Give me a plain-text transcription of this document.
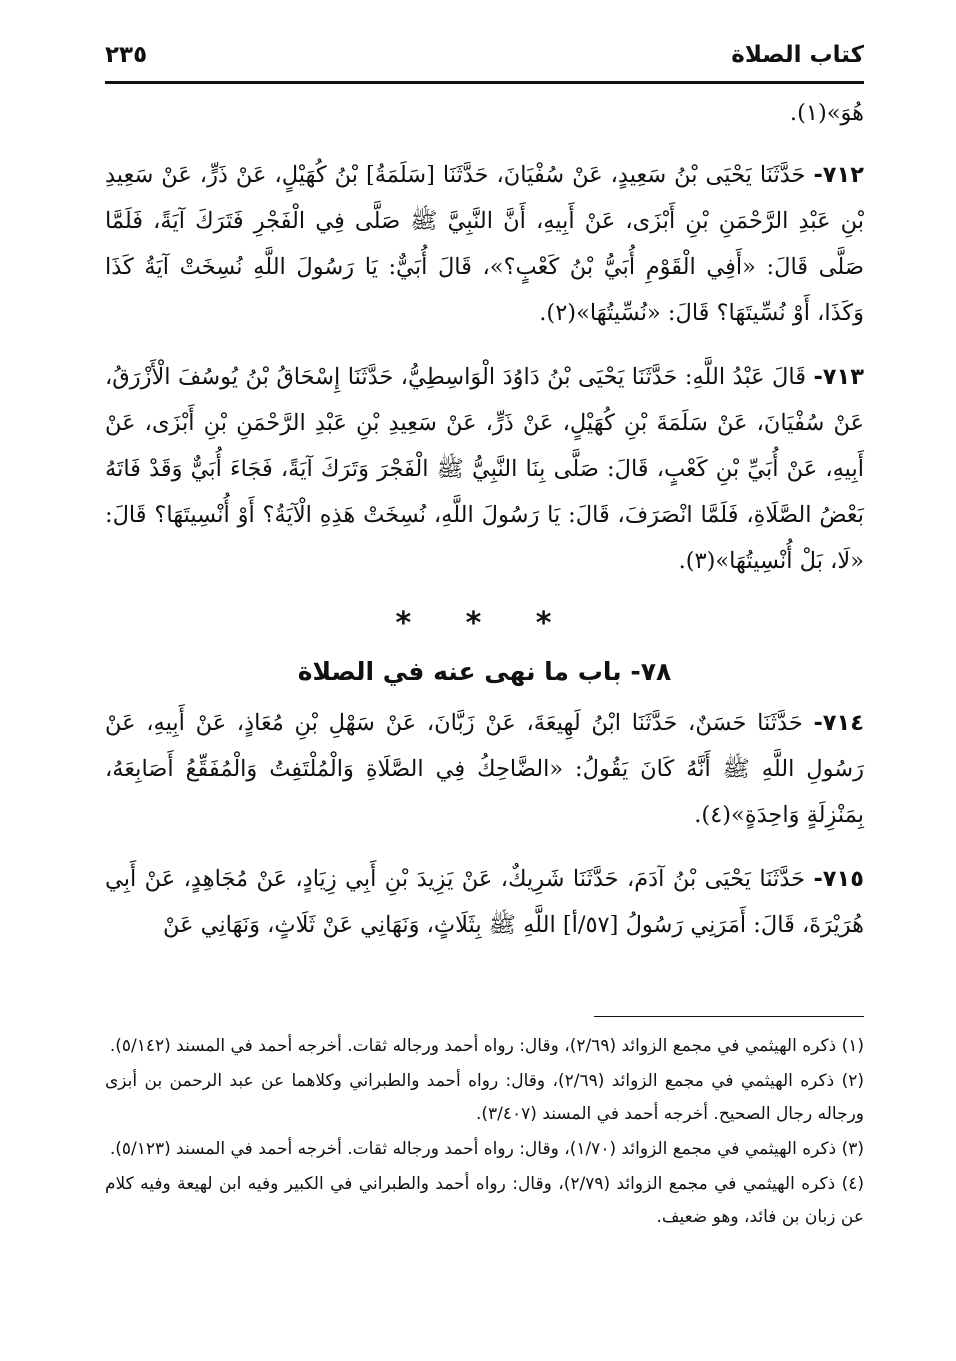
كتاب الصلاة
٢٣٥

هُوَ»(١).

٧١٢- حَدَّثَنَا يَحْيَى بْنُ سَعِيدٍ، عَنْ سُفْيَانَ، حَدَّثَنَا [سَلَمَةُ] بْنُ كُهَيْلٍ، عَنْ ذَرٍّ، عَنْ سَعِيدِ بْنِ عَبْدِ الرَّحْمَنِ بْنِ أَبْزَى، عَنْ أَبِيهِ، أَنَّ النَّبِيَّ ﷺ صَلَّى فِي الْفَجْرِ فَتَرَكَ آيَةً، فَلَمَّا صَلَّى قَالَ: «أَفِي الْقَوْمِ أُبَيُّ بْنُ كَعْبٍ؟»، قَالَ أُبَيٌّ: يَا رَسُولَ اللَّهِ نُسِخَتْ آيَةُ كَذَا وَكَذَا، أَوْ نُسِّيتَهَا؟ قَالَ: «نُسِّيتُهَا»(٢).

٧١٣- قَالَ عَبْدُ اللَّهِ: حَدَّثَنَا يَحْيَى بْنُ دَاوُدَ الْوَاسِطِيُّ، حَدَّثَنَا إِسْحَاقُ بْنُ يُوسُفَ الْأَزْرَقُ، عَنْ سُفْيَانَ، عَنْ سَلَمَةَ بْنِ كُهَيْلٍ، عَنْ ذَرٍّ، عَنْ سَعِيدِ بْنِ عَبْدِ الرَّحْمَنِ بْنِ أَبْزَى، عَنْ أَبِيهِ، عَنْ أُبَيِّ بْنِ كَعْبٍ، قَالَ: صَلَّى بِنَا النَّبِيُّ ﷺ الْفَجْرَ وَتَرَكَ آيَةً، فَجَاءَ أُبَيٌّ وَقَدْ فَاتَهُ بَعْضُ الصَّلَاةِ، فَلَمَّا انْصَرَفَ، قَالَ: يَا رَسُولَ اللَّهِ، نُسِخَتْ هَذِهِ الْآيَةُ؟ أَوْ أُنْسِيتَهَا؟ قَالَ: «لَا، بَلْ أُنْسِيتُهَا»(٣).

* * *
٧٨- باب ما نهى عنه في الصلاة

٧١٤- حَدَّثَنَا حَسَنٌ، حَدَّثَنَا ابْنُ لَهِيعَةَ، عَنْ زَبَّانَ، عَنْ سَهْلِ بْنِ مُعَاذٍ، عَنْ أَبِيهِ، عَنْ رَسُولِ اللَّهِ ﷺ أَنَّهُ كَانَ يَقُولُ: «الضَّاحِكُ فِي الصَّلَاةِ وَالْمُلْتَفِتُ وَالْمُفَقِّعُ أَصَابِعَهُ، بِمَنْزِلَةٍ وَاحِدَةٍ»(٤).

٧١٥- حَدَّثَنَا يَحْيَى بْنُ آدَمَ، حَدَّثَنَا شَرِيكٌ، عَنْ يَزِيدَ بْنِ أَبِي زِيَادٍ، عَنْ مُجَاهِدٍ، عَنْ أَبِي هُرَيْرَةَ، قَالَ: أَمَرَنِي رَسُولُ [٥٧/أ] اللَّهِ ﷺ بِثَلَاثٍ، وَنَهَانِي عَنْ ثَلَاثٍ، وَنَهَانِي عَنْ

(١) ذكره الهيثمي في مجمع الزوائد (٢/٦٩)، وقال: رواه أحمد ورجاله ثقات. أخرجه أحمد في المسند (٥/١٤٢).

(٢) ذكره الهيثمي في مجمع الزوائد (٢/٦٩)، وقال: رواه أحمد والطبراني وكلاهما عن عبد الرحمن بن أبزى ورجاله رجال الصحيح. أخرجه أحمد في المسند (٣/٤٠٧).

(٣) ذكره الهيثمي في مجمع الزوائد (١/٧٠)، وقال: رواه أحمد ورجاله ثقات. أخرجه أحمد في المسند (٥/١٢٣).

(٤) ذكره الهيثمي في مجمع الزوائد (٢/٧٩)، وقال: رواه أحمد والطبراني في الكبير وفيه ابن لهيعة وفيه كلام عن زبان بن فائد، وهو ضعيف.
